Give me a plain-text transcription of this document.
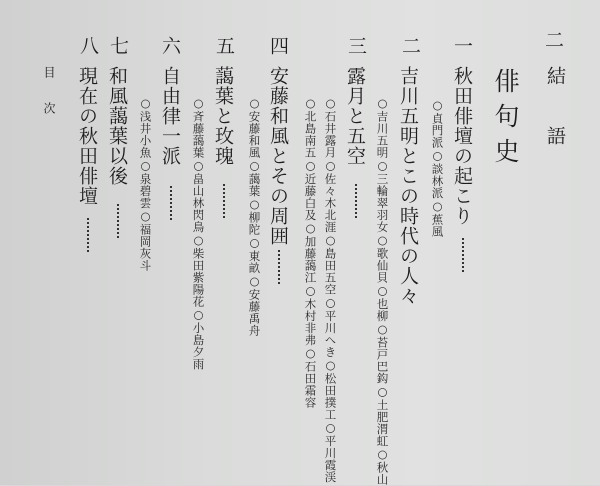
二
結　　語
俳句史
一
秋田俳壇の起こり
○貞門派○談林派○蕉風
二
吉川五明とこの時代の人々
○吉川五明○三輪翠羽女○歌仙貝○也柳○苔戸巴鈎○土肥渭虹○秋山
三
露月と五空
○石井露月○佐々木北涯○島田五空○平川へき○松田撲工○平川霞渓
○北島南五○近藤白及○加藤藹江○木村非弗○石田霜容
四
安藤和風とその周囲
○安藤和風○藹葉○柳陀○東畝○安藤禹舟
五
藹葉と玫瑰
○斉藤藹葉○畠山林閃鳥○柴田紫陽花○小島夕雨
六
自由律一派
○浅井小魚○泉碧雲○福岡灰斗
七
和風藹葉以後
八
現在の秋田俳壇
目　　次
